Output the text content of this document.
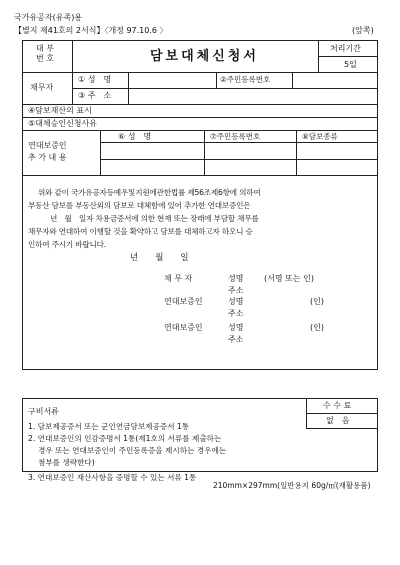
국가유공자(유족)용
【별지 제41호의 2서식】〈개정 97.10.6 〉	(앞쪽)
대 부
번 호	담보대체신청서
처리기간
5일
채무자
① 성　명	②주민등록번호
③ 주　소
④담보재산의 표시
⑤대체승인신청사유
연대보증인
추 가 내 용
⑥ 성　명	⑦주민등록번호	⑧담보종류
위와 같이 국가유공자등예우및지원에관한법률 제56조제6항에 의하여
부동산 담보를 부동산외의 담보로 대체함에 있어 추가한 연대보증인은
년　월　일자 차용금증서에 의한 현재 또는 장래에 부담할 채무를
채무자와 연대하여 이행할 것을 확약하고 담보를 대체하고자 하오니 승
인하여 주시기 바랍니다.
년　　월　　일
채 무 자	성명	(서명 또는 인)
주소
연대보증인	성명	(인)
주소
연대보증인	성명	(인)
주소
구비서류
수 수 료
없　음
1. 담보제공증서 또는 군인연금담보제공증서 1통
2. 연대보증인의 인감증명서 1통(제1호의 서류를 제출하는
　 경우 또는 연대보증인이 주민등록증을 제시하는 경우에는
　 첨부를 생략한다)
3. 연대보증인 재산사항을 증명할 수 있는 서류 1통
210mm×297mm(일반용지 60g/㎡(재활용품)
